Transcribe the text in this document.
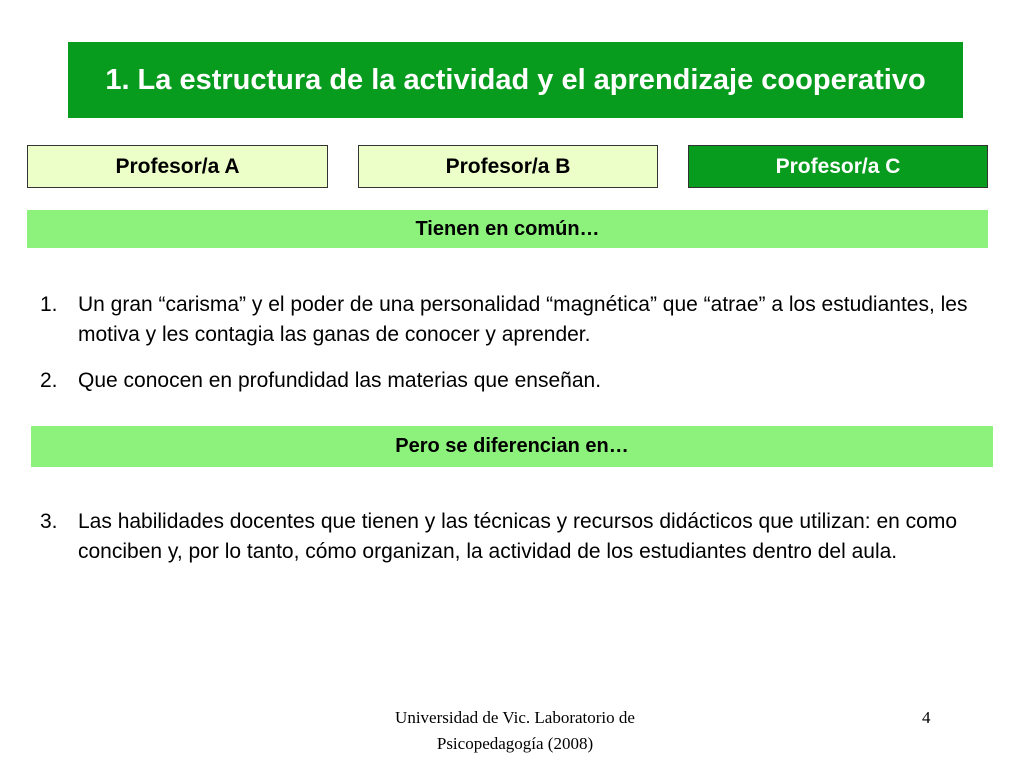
1. La estructura de la actividad y el aprendizaje cooperativo
Profesor/a A	Profesor/a B	Profesor/a C
Tienen en común…
1. Un gran “carisma” y el poder de una personalidad “magnética” que “atrae” a los estudiantes, les motiva y les contagia las ganas de conocer y aprender.
2. Que conocen en profundidad las materias que enseñan.
Pero se diferencian en…
3. Las habilidades docentes que tienen y las técnicas y recursos didácticos que utilizan: en como conciben y, por lo tanto, cómo organizan, la actividad de los estudiantes dentro del aula.
Universidad de Vic. Laboratorio de Psicopedagogía (2008)
4
